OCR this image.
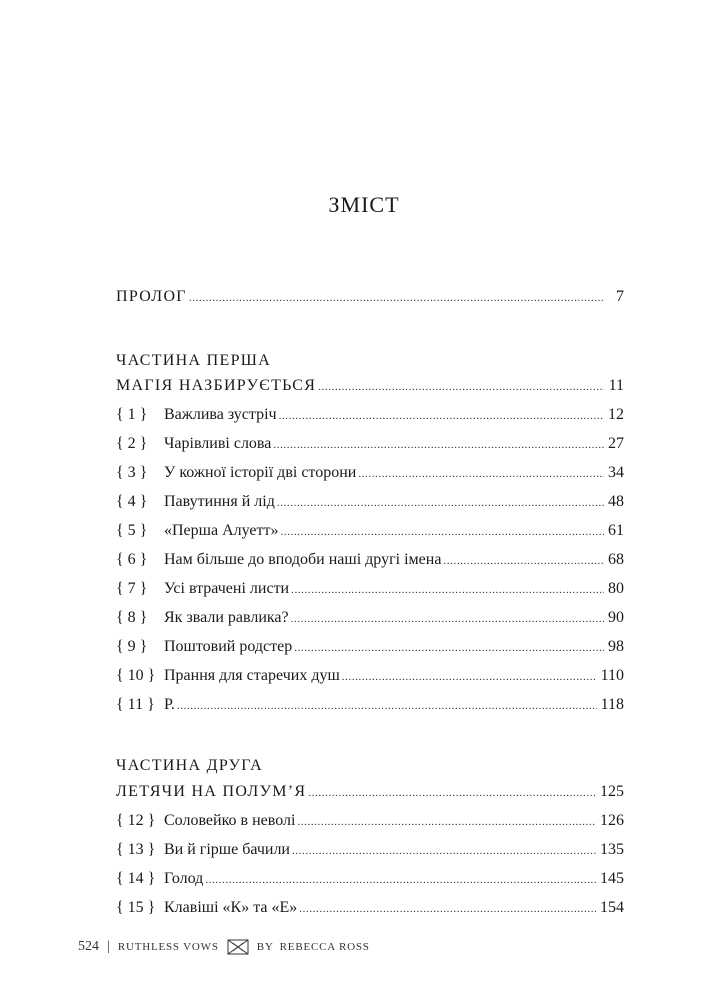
ЗМІСТ
ПРОЛОГ .....	7
ЧАСТИНА ПЕРША
МАГІЯ НАЗБИРУЄТЬСЯ .....	11
{ 1 }	Важлива зустріч .....	12
{ 2 }	Чарівливі слова .....	27
{ 3 }	У кожної історії дві сторони .....	34
{ 4 }	Павутиння й лід .....	48
{ 5 }	«Перша Алуетт» .....	61
{ 6 }	Нам більше до вподоби наші другі імена .....	68
{ 7 }	Усі втрачені листи .....	80
{ 8 }	Як звали равлика? .....	90
{ 9 }	Поштовий родстер .....	98
{ 10 } Прання для старечих душ .....	110
{ 11 } Р. .....	118
ЧАСТИНА ДРУГА
ЛЕТЯЧИ НА ПОЛУМ’Я .....	125
{ 12 } Соловейко в неволі .....	126
{ 13 } Ви й гірше бачили .....	135
{ 14 } Голод .....	145
{ 15 } Клавіші «К» та «Е» .....	154
524 | RUTHLESS VOWS	BY REBECCA ROSS
